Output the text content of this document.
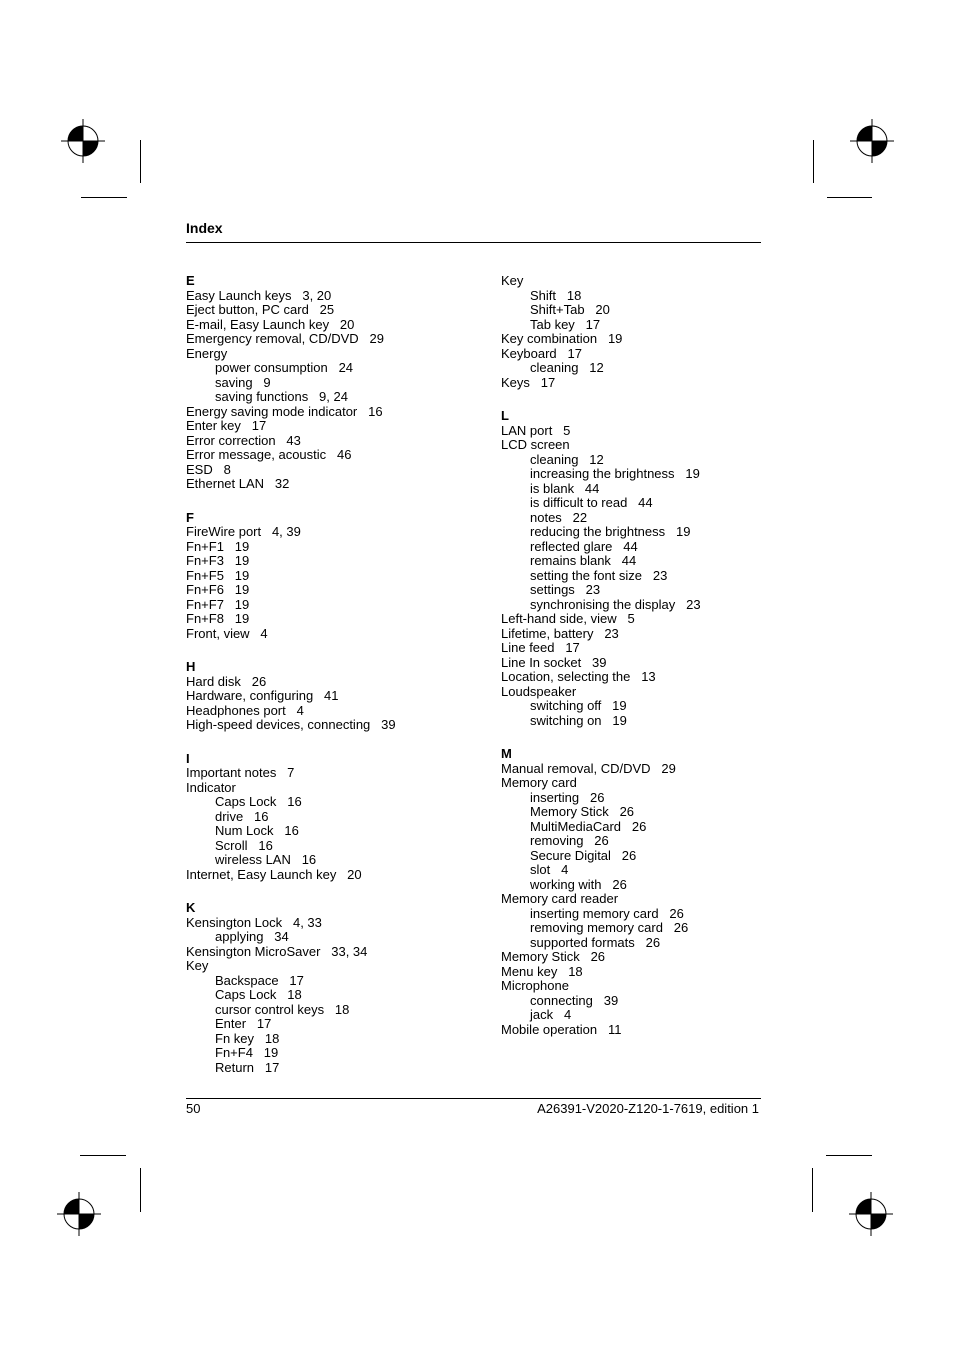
Index
E
Easy Launch keys   3, 20
Eject button, PC card   25
E-mail, Easy Launch key   20
Emergency removal, CD/DVD   29
Energy
power consumption   24
saving   9
saving functions   9, 24
Energy saving mode indicator   16
Enter key   17
Error correction   43
Error message, acoustic   46
ESD   8
Ethernet LAN   32
F
FireWire port   4, 39
Fn+F1   19
Fn+F3   19
Fn+F5   19
Fn+F6   19
Fn+F7   19
Fn+F8   19
Front, view   4
H
Hard disk   26
Hardware, configuring   41
Headphones port   4
High-speed devices, connecting   39
I
Important notes   7
Indicator
Caps Lock   16
drive   16
Num Lock   16
Scroll   16
wireless LAN   16
Internet, Easy Launch key   20
K
Kensington Lock   4, 33
applying   34
Kensington MicroSaver   33, 34
Key
Backspace   17
Caps Lock   18
cursor control keys   18
Enter   17
Fn key   18
Fn+F4   19
Return   17
Key
Shift   18
Shift+Tab   20
Tab key   17
Key combination   19
Keyboard   17
cleaning   12
Keys   17
L
LAN port   5
LCD screen
cleaning   12
increasing the brightness   19
is blank   44
is difficult to read   44
notes   22
reducing the brightness   19
reflected glare   44
remains blank   44
setting the font size   23
settings   23
synchronising the display   23
Left-hand side, view   5
Lifetime, battery   23
Line feed   17
Line In socket   39
Location, selecting the   13
Loudspeaker
switching off   19
switching on   19
M
Manual removal, CD/DVD   29
Memory card
inserting   26
Memory Stick   26
MultiMediaCard   26
removing   26
Secure Digital   26
slot   4
working with   26
Memory card reader
inserting memory card   26
removing memory card   26
supported formats   26
Memory Stick   26
Menu key   18
Microphone
connecting   39
jack   4
Mobile operation   11
50	A26391-V2020-Z120-1-7619, edition 1
